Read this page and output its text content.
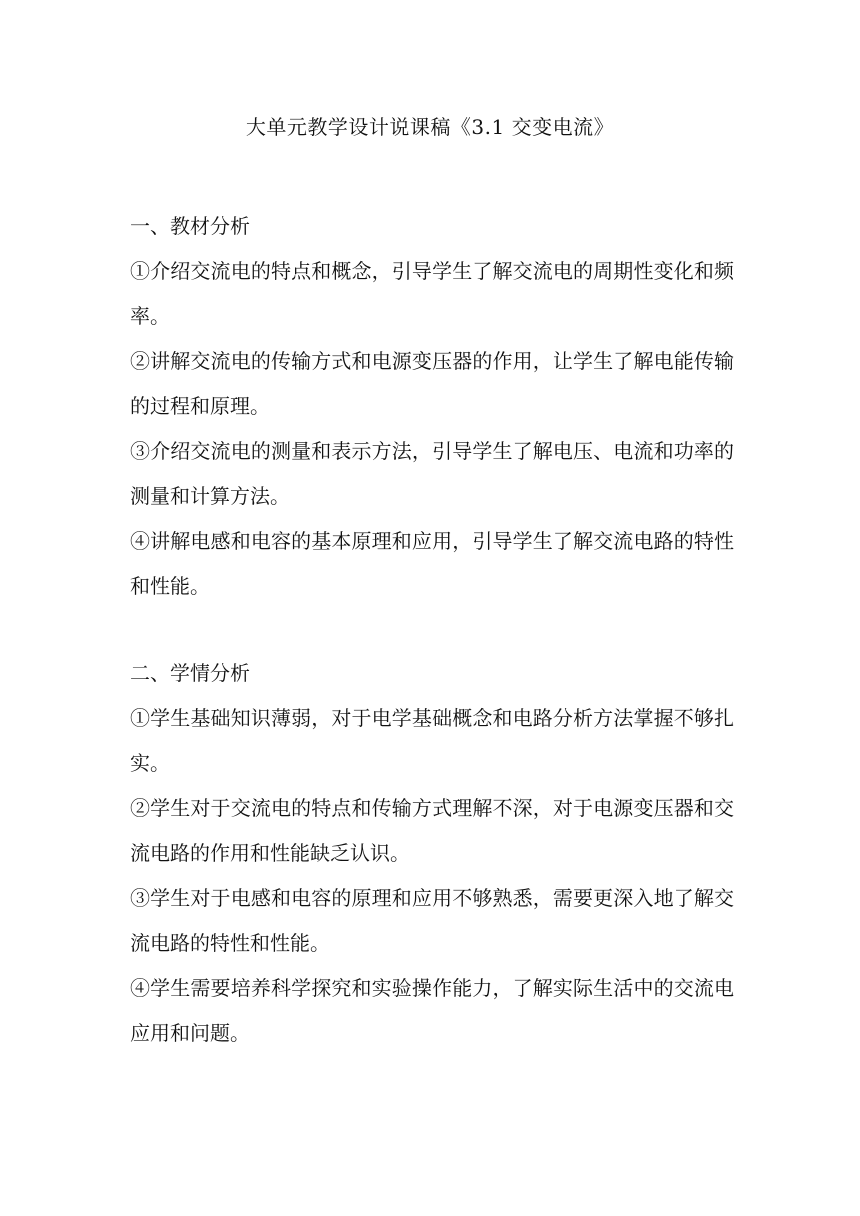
大单元教学设计说课稿《3.1 交变电流》

一、教材分析

①介绍交流电的特点和概念，引导学生了解交流电的周期性变化和频率。

②讲解交流电的传输方式和电源变压器的作用，让学生了解电能传输的过程和原理。

③介绍交流电的测量和表示方法，引导学生了解电压、电流和功率的测量和计算方法。

④讲解电感和电容的基本原理和应用，引导学生了解交流电路的特性和性能。

二、学情分析

①学生基础知识薄弱，对于电学基础概念和电路分析方法掌握不够扎实。

②学生对于交流电的特点和传输方式理解不深，对于电源变压器和交流电路的作用和性能缺乏认识。

③学生对于电感和电容的原理和应用不够熟悉，需要更深入地了解交流电路的特性和性能。

④学生需要培养科学探究和实验操作能力，了解实际生活中的交流电应用和问题。
